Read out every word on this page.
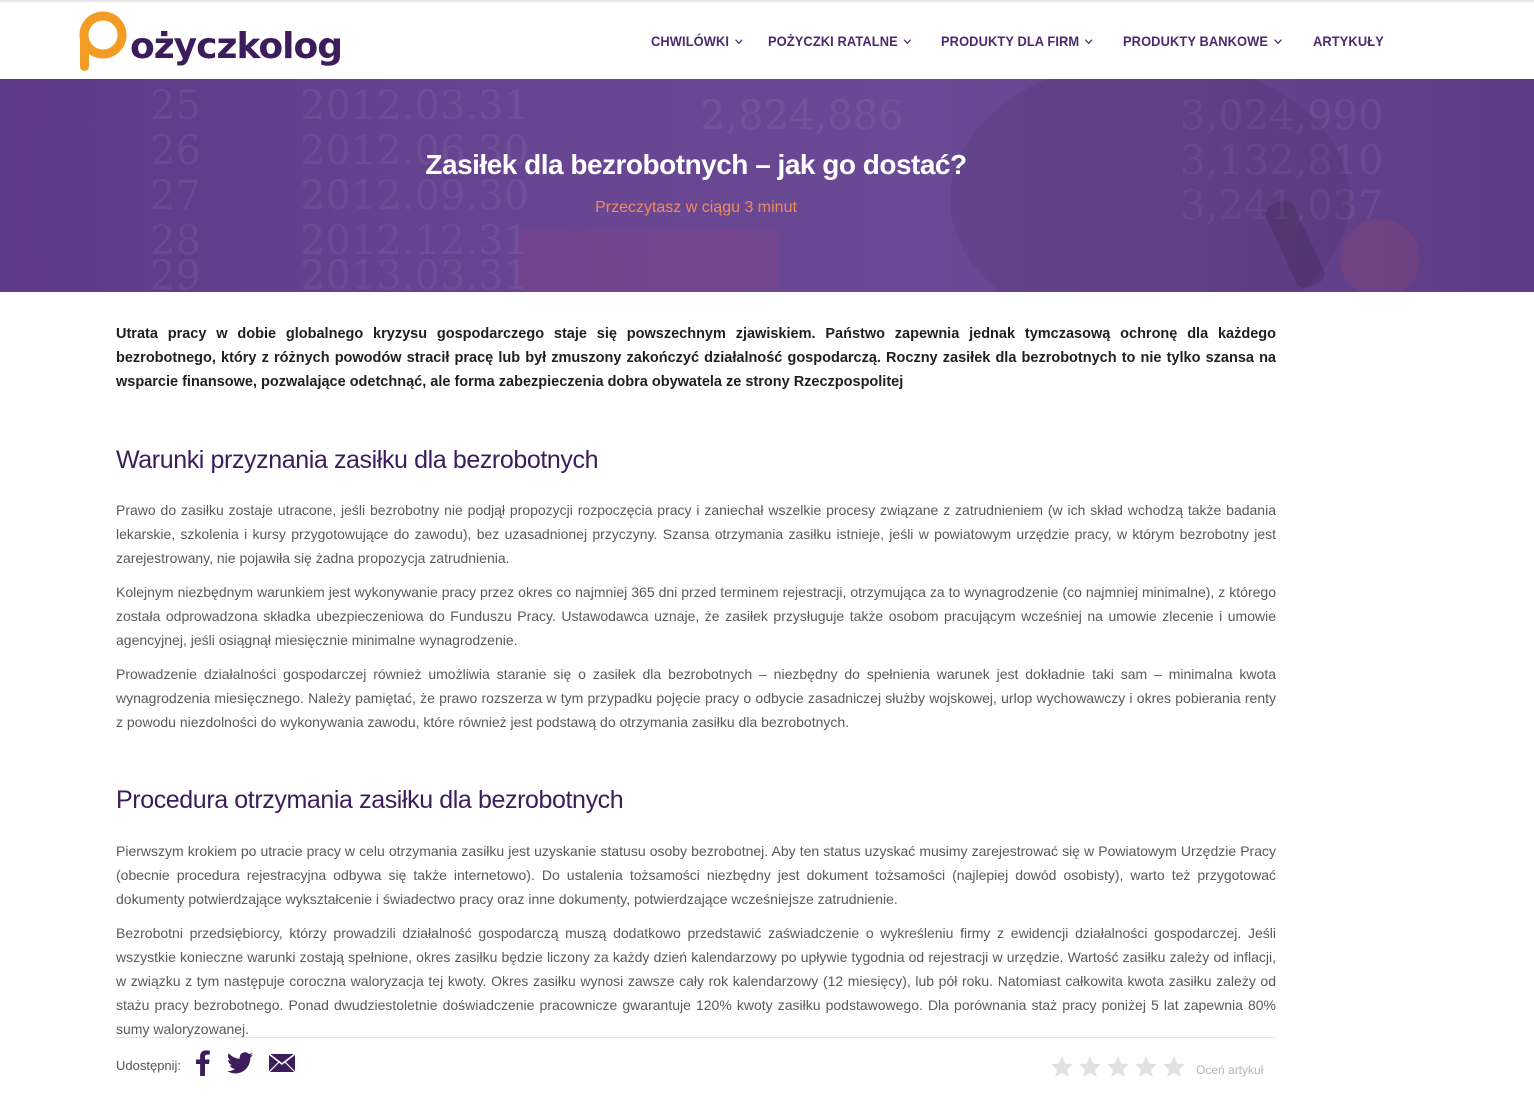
ożyczkolog	CHWILÓWKI	POŻYCZKI RATALNE	PRODUKTY DLA FIRM	PRODUKTY BANKOWE	ARTYKUŁY
25 2012.03.31
26 2012.06.30
27 2012.09.30
28 2012.12.31
29 2013.03.31
2,824,886	3,024,990
3,132,810
3,241,037
Zasiłek dla bezrobotnych – jak go dostać?
Przeczytasz w ciągu 3 minut

Utrata pracy w dobie globalnego kryzysu gospodarczego staje się powszechnym zjawiskiem. Państwo zapewnia jednak tymczasową ochronę dla każdego bezrobotnego, który z różnych powodów stracił pracę lub był zmuszony zakończyć działalność gospodarczą. Roczny zasiłek dla bezrobotnych to nie tylko szansa na wsparcie finansowe, pozwalające odetchnąć, ale forma zabezpieczenia dobra obywatela ze strony Rzeczpospolitej

Warunki przyznania zasiłku dla bezrobotnych

Prawo do zasiłku zostaje utracone, jeśli bezrobotny nie podjął propozycji rozpoczęcia pracy i zaniechał wszelkie procesy związane z zatrudnieniem (w ich skład wchodzą także badania lekarskie, szkolenia i kursy przygotowujące do zawodu), bez uzasadnionej przyczyny. Szansa otrzymania zasiłku istnieje, jeśli w powiatowym urzędzie pracy, w którym bezrobotny jest zarejestrowany, nie pojawiła się żadna propozycja zatrudnienia.

Kolejnym niezbędnym warunkiem jest wykonywanie pracy przez okres co najmniej 365 dni przed terminem rejestracji, otrzymująca za to wynagrodzenie (co najmniej minimalne), z którego została odprowadzona składka ubezpieczeniowa do Funduszu Pracy. Ustawodawca uznaje, że zasiłek przysługuje także osobom pracującym wcześniej na umowie zlecenie i umowie agencyjnej, jeśli osiągnął miesięcznie minimalne wynagrodzenie.

Prowadzenie działalności gospodarczej również umożliwia staranie się o zasiłek dla bezrobotnych – niezbędny do spełnienia warunek jest dokładnie taki sam – minimalna kwota wynagrodzenia miesięcznego. Należy pamiętać, że prawo rozszerza w tym przypadku pojęcie pracy o odbycie zasadniczej służby wojskowej, urlop wychowawczy i okres pobierania renty z powodu niezdolności do wykonywania zawodu, które również jest podstawą do otrzymania zasiłku dla bezrobotnych.

Procedura otrzymania zasiłku dla bezrobotnych

Pierwszym krokiem po utracie pracy w celu otrzymania zasiłku jest uzyskanie statusu osoby bezrobotnej. Aby ten status uzyskać musimy zarejestrować się w Powiatowym Urzędzie Pracy (obecnie procedura rejestracyjna odbywa się także internetowo). Do ustalenia tożsamości niezbędny jest dokument tożsamości (najlepiej dowód osobisty), warto też przygotować dokumenty potwierdzające wykształcenie i świadectwo pracy oraz inne dokumenty, potwierdzające wcześniejsze zatrudnienie.

Bezrobotni przedsiębiorcy, którzy prowadzili działalność gospodarczą muszą dodatkowo przedstawić zaświadczenie o wykreśleniu firmy z ewidencji działalności gospodarczej. Jeśli wszystkie konieczne warunki zostają spełnione, okres zasiłku będzie liczony za każdy dzień kalendarzowy po upływie tygodnia od rejestracji w urzędzie. Wartość zasiłku zależy od inflacji, w związku z tym następuje coroczna waloryzacja tej kwoty. Okres zasiłku wynosi zawsze cały rok kalendarzowy (12 miesięcy), lub pół roku. Natomiast całkowita kwota zasiłku zależy od stażu pracy bezrobotnego. Ponad dwudziestoletnie doświadczenie pracownicze gwarantuje 120% kwoty zasiłku podstawowego. Dla porównania staż pracy poniżej 5 lat zapewnia 80% sumy waloryzowanej.

Udostępnij:	Oceń artykuł
